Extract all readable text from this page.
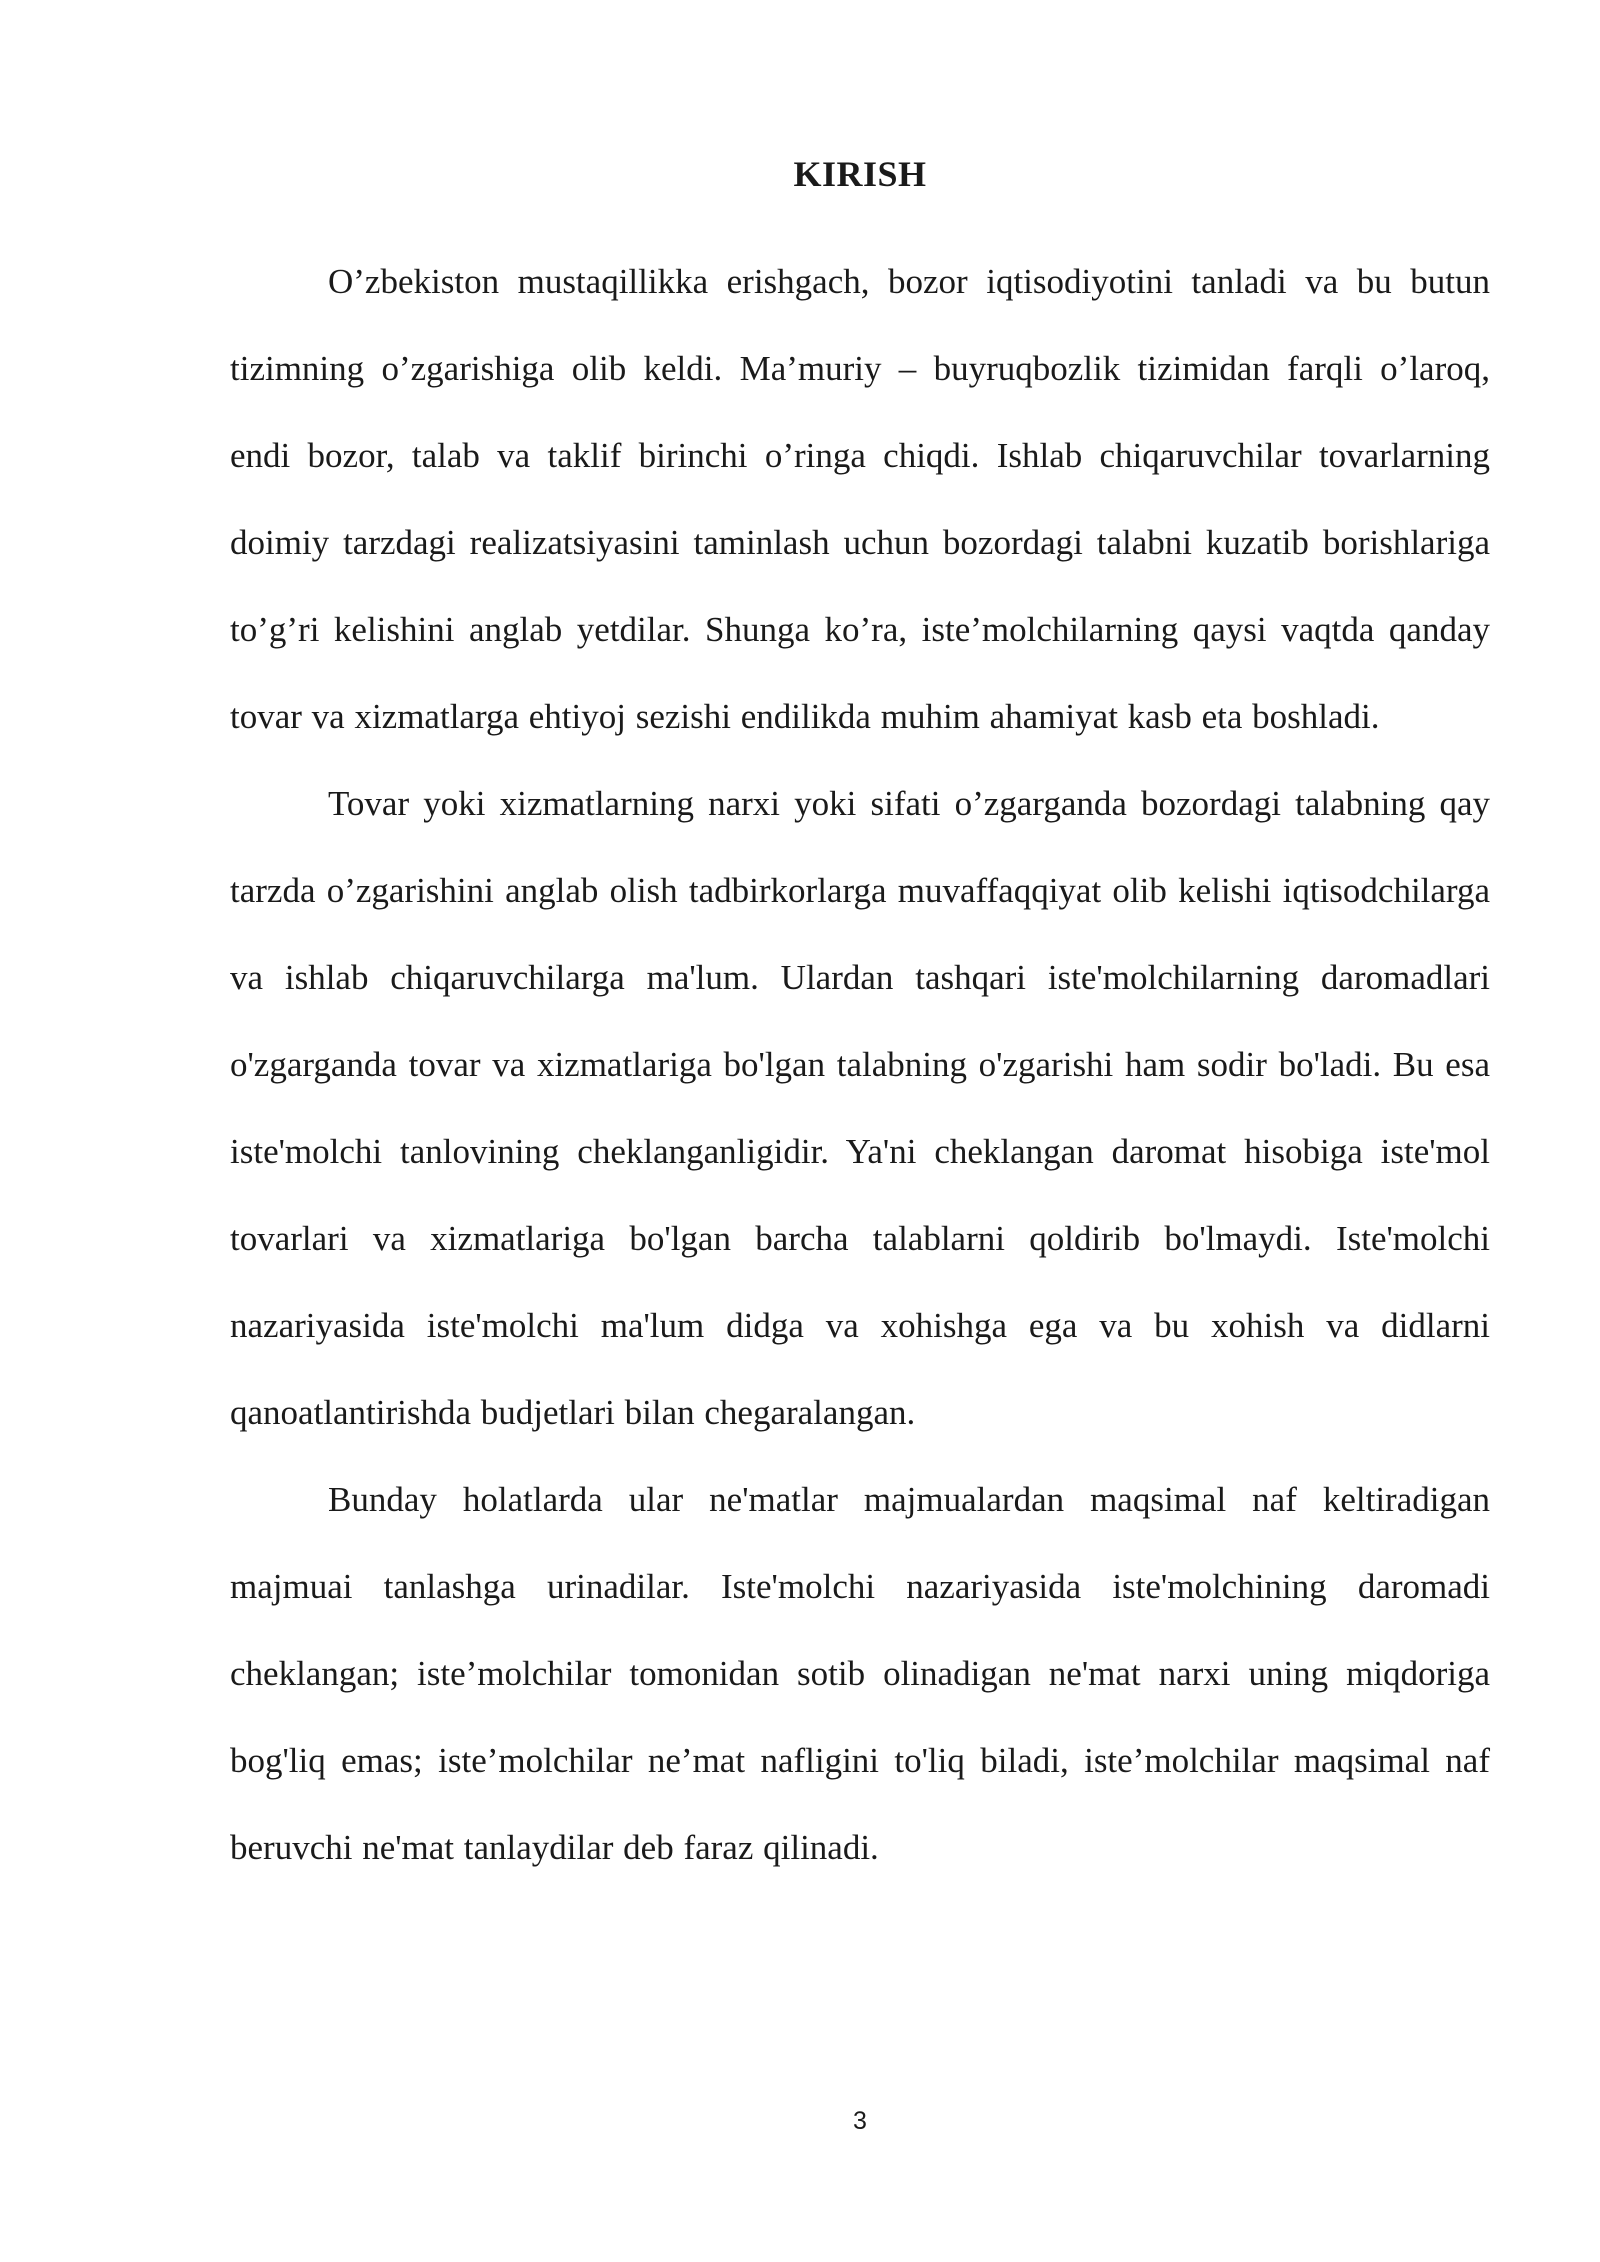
KIRISH

O’zbekiston mustaqillikka erishgach, bozor iqtisodiyotini tanladi va bu butun tizimning o’zgarishiga olib keldi. Ma’muriy – buyruqbozlik tizimidan farqli o’laroq, endi bozor, talab va taklif birinchi o’ringa chiqdi. Ishlab chiqaruvchilar tovarlarning doimiy tarzdagi realizatsiyasini taminlash uchun bozordagi talabni kuzatib borishlariga to’g’ri kelishini anglab yetdilar. Shunga ko’ra, iste’molchilarning qaysi vaqtda qanday tovar va xizmatlarga ehtiyoj sezishi endilikda muhim ahamiyat kasb eta boshladi.

Tovar yoki xizmatlarning narxi yoki sifati o’zgarganda bozordagi talabning qay tarzda o’zgarishini anglab olish tadbirkorlarga muvaffaqqiyat olib kelishi iqtisodchilarga va ishlab chiqaruvchilarga ma'lum. Ulardan tashqari iste'molchilarning daromadlari o'zgarganda tovar va xizmatlariga bo'lgan talabning o'zgarishi ham sodir bo'ladi. Bu esa iste'molchi tanlovining cheklanganligidir. Ya'ni cheklangan daromat hisobiga iste'mol tovarlari va xizmatlariga bo'lgan barcha talablarni qoldirib bo'lmaydi. Iste'molchi nazariyasida iste'molchi ma'lum didga va xohishga ega va bu xohish va didlarni qanoatlantirishda budjetlari bilan chegaralangan.

Bunday holatlarda ular ne'matlar majmualardan maqsimal naf keltiradigan majmuai tanlashga urinadilar. Iste'molchi nazariyasida iste'molchining daromadi cheklangan; iste’molchilar tomonidan sotib olinadigan ne'mat narxi uning miqdoriga bog'liq emas; iste’molchilar ne’mat nafligini to'liq biladi, iste’molchilar maqsimal naf beruvchi ne'mat tanlaydilar deb faraz qilinadi.

3
